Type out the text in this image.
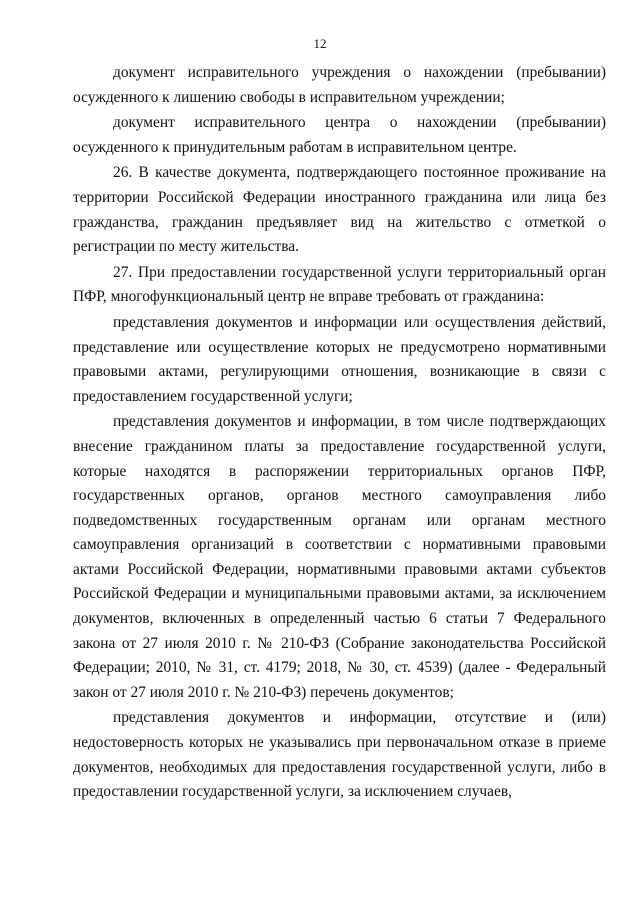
12

документ исправительного учреждения о нахождении (пребывании) осужденного к лишению свободы в исправительном учреждении;

документ исправительного центра о нахождении (пребывании) осужденного к принудительным работам в исправительном центре.

26. В качестве документа, подтверждающего постоянное проживание на территории Российской Федерации иностранного гражданина или лица без гражданства, гражданин предъявляет вид на жительство с отметкой о регистрации по месту жительства.

27. При предоставлении государственной услуги территориальный орган ПФР, многофункциональный центр не вправе требовать от гражданина:

представления документов и информации или осуществления действий, представление или осуществление которых не предусмотрено нормативными правовыми актами, регулирующими отношения, возникающие в связи с предоставлением государственной услуги;

представления документов и информации, в том числе подтверждающих внесение гражданином платы за предоставление государственной услуги, которые находятся в распоряжении территориальных органов ПФР, государственных органов, органов местного самоуправления либо подведомственных государственным органам или органам местного самоуправления организаций в соответствии с нормативными правовыми актами Российской Федерации, нормативными правовыми актами субъектов Российской Федерации и муниципальными правовыми актами, за исключением документов, включенных в определенный частью 6 статьи 7 Федерального закона от 27 июля 2010 г. № 210-ФЗ (Собрание законодательства Российской Федерации; 2010, № 31, ст. 4179; 2018, № 30, ст. 4539) (далее - Федеральный закон от 27 июля 2010 г. № 210-ФЗ) перечень документов;

представления документов и информации, отсутствие и (или) недостоверность которых не указывались при первоначальном отказе в приеме документов, необходимых для предоставления государственной услуги, либо в предоставлении государственной услуги, за исключением случаев,
